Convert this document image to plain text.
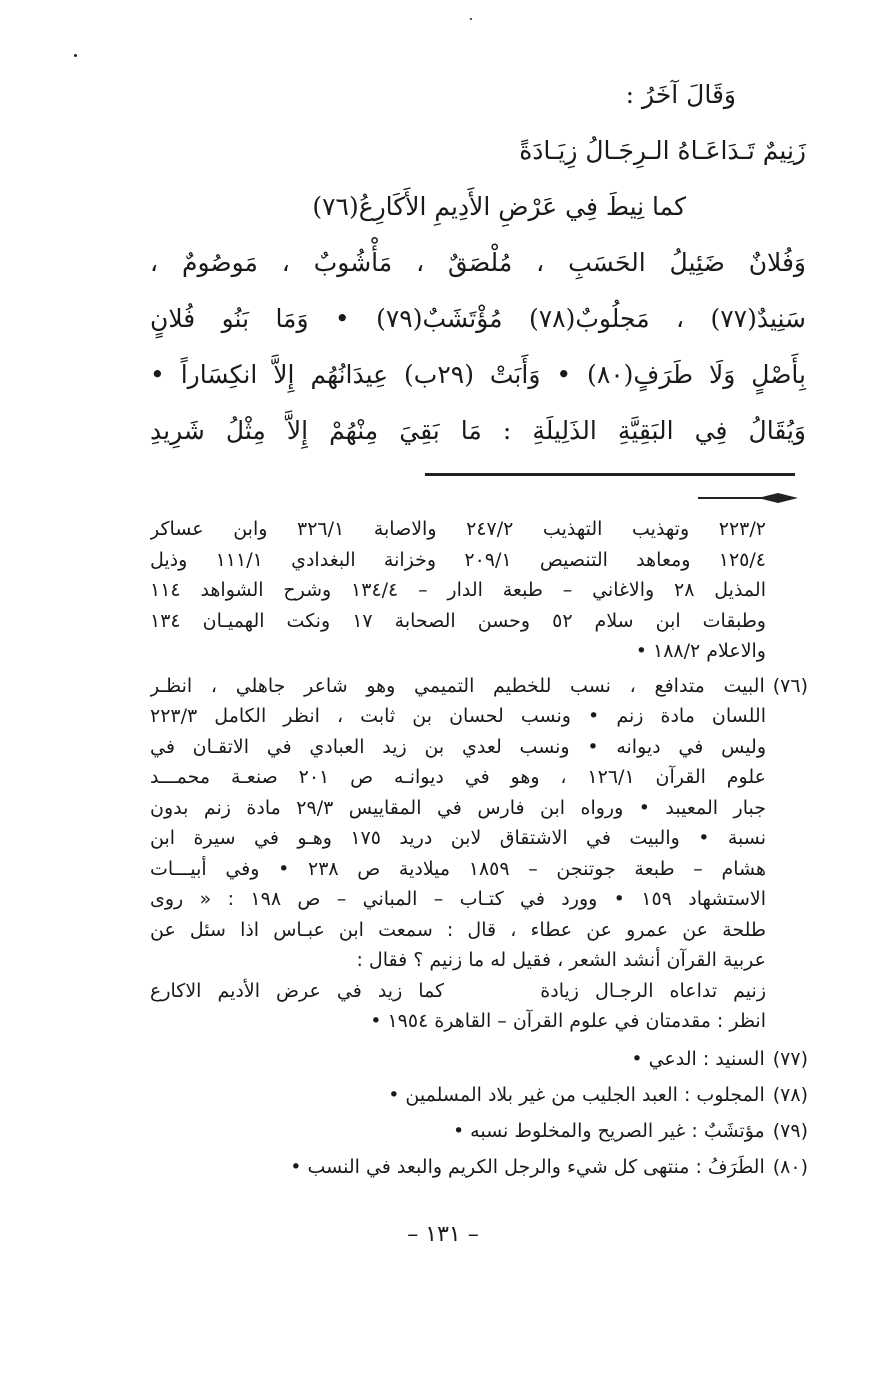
وَقَالَ آخَرُ :
زَنِيمٌ تَـدَاعَـاهُ الـرِجَـالُ زِيَـادَةً
كما نِيطَ فِي عَرْضِ الأَدِيمِ الأَكَارِعُ(٧٦)
وَفُلانٌ ضَئِيلُ الحَسَبِ ، مُلْصَقٌ ، مَأْشُوبٌ ، مَوصُومٌ ،
سَنِيدٌ(٧٧) ، مَجلُوبٌ(٧٨) مُؤْتَشَبٌ(٧٩) • وَمَا بَنُو فُلانٍ
بِأَصْلٍ وَلَا طَرَفٍ(٨٠) • وَأَبَتْ (٢٩ب) عِيدَانُهُم إِلاَّ انكِسَاراً •
وَيُقَالُ فِي البَقِيَّةِ الذَلِيلَةِ : مَا بَقِيَ مِنْهُمْ إِلاَّ مِثْلُ شَرِيدِ
٢٢٣/٢ وتهذيب التهذيب ٢٤٧/٢ والاصابة ٣٢٦/١ وابن عساكر
١٢٥/٤ ومعاهد التنصيص ٢٠٩/١ وخزانة البغدادي ١١١/١ وذيل
المذيل ٢٨ والاغاني – طبعة الدار – ١٣٤/٤ وشرح الشواهد ١١٤
وطبقات ابن سلام ٥٢ وحسن الصحابة ١٧ ونكت الهميـان ١٣٤
والاعلام ١٨٨/٢ •
(٧٦)البيت متدافع ، نسب للخطيم التميمي وهو شاعر جاهلي ، انظـر
اللسان مادة زنم • ونسب لحسان بن ثابت ، انظر الكامل ٢٢٣/٣
وليس في ديوانه • ونسب لعدي بن زيد العبادي في الاتقـان في
علوم القرآن ١٢٦/١ ، وهو في ديوانـه ص ٢٠١ صنعـة محمـــد
جبار المعيبد • ورواه ابن فارس في المقاييس ٢٩/٣ مادة زنم بدون
نسبة • والبيت في الاشتقاق لابن دريد ١٧٥ وهـو في سيرة ابن
هشام – طبعة جوتنجن – ١٨٥٩ ميلادية ص ٢٣٨ • وفي أبيـــات
الاستشهاد ١٥٩ • وورد في كتـاب – المباني – ص ١٩٨ : « روى
طلحة عن عمرو عن عطاء ، قال : سمعت ابن عبـاس اذا سئل عن
عربية القرآن أنشد الشعر ، فقيل له ما زنيم ؟ فقال :
زنيم تداعاه الرجـال زيادة      كما زيد في عرض الأديم الاكارع
انظر : مقدمتان في علوم القرآن – القاهرة ١٩٥٤ •
(٧٧)السنيد : الدعي •
(٧٨)المجلوب : العبد الجليب من غير بلاد المسلمين •
(٧٩)مؤتشَبٌ : غير الصريح والمخلوط نسبه •
(٨٠)الطَرَفُ : منتهى كل شيء والرجل الكريم والبعد في النسب •
– ١٣١ –
